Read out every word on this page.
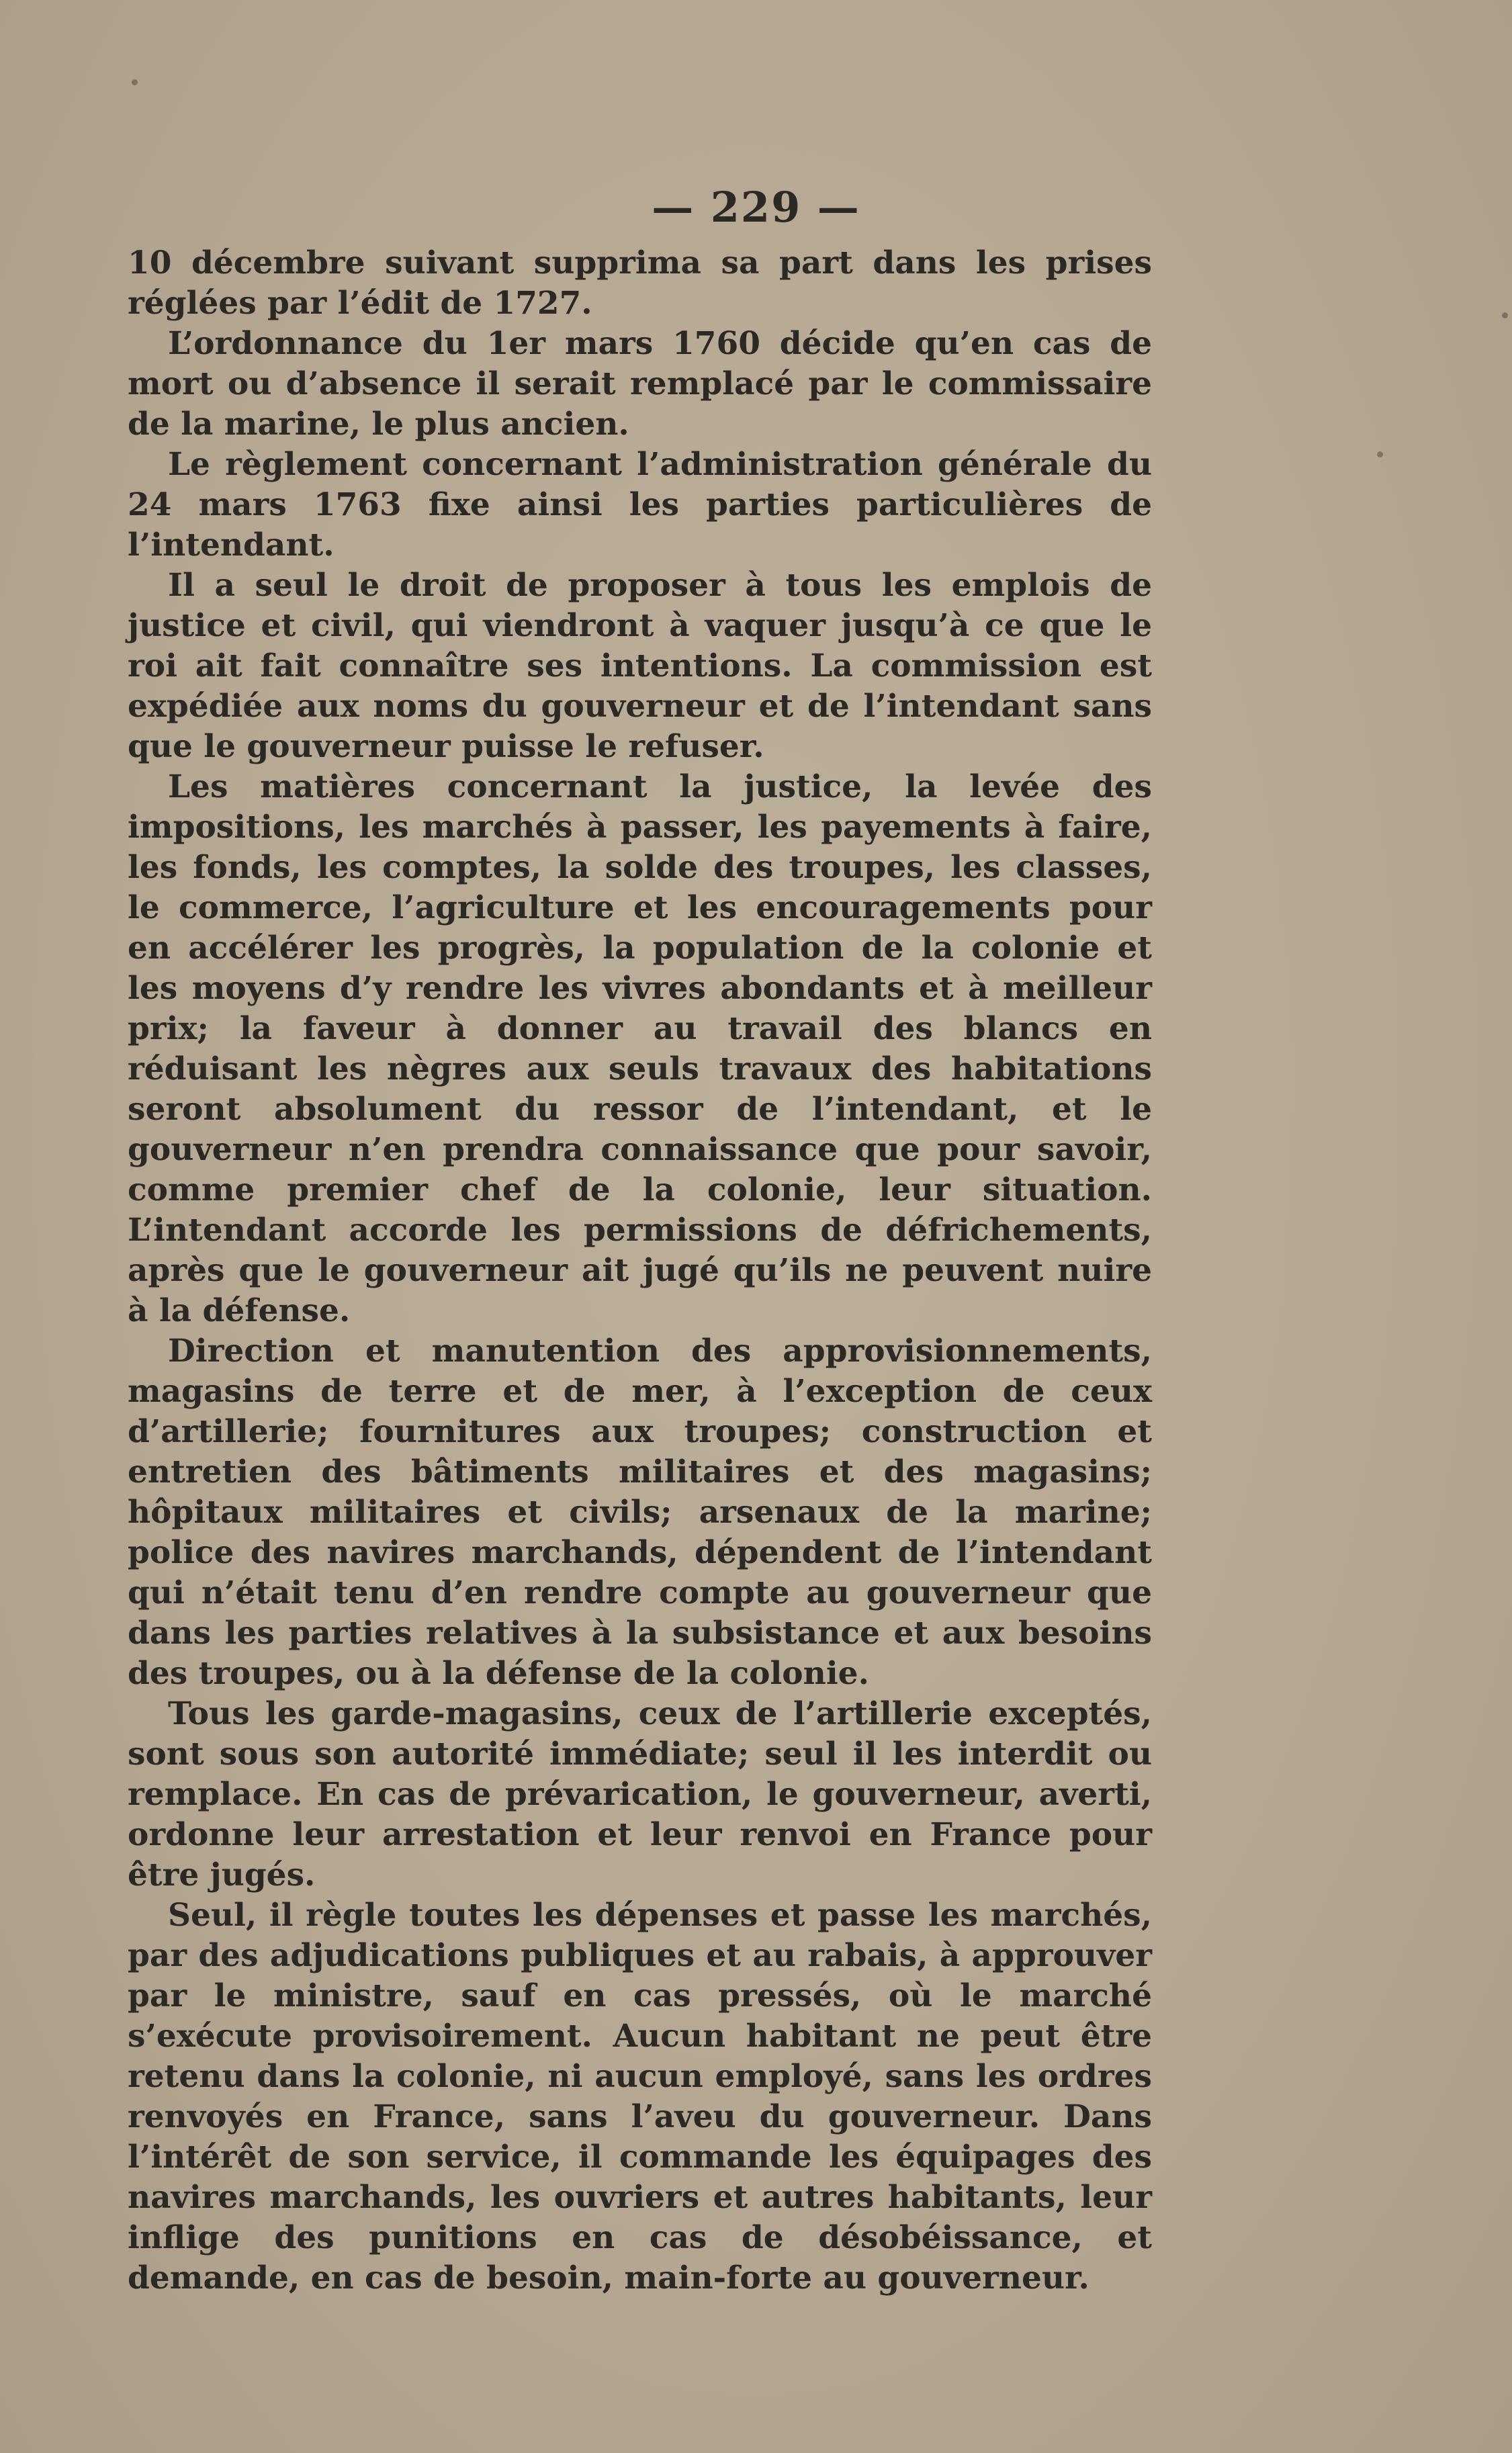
— 229 —

10 décembre suivant supprima sa part dans les prises réglées par l’édit de 1727.

L’ordonnance du 1er mars 1760 décide qu’en cas de mort ou d’absence il serait remplacé par le commissaire de la marine, le plus ancien.

Le règlement concernant l’administration générale du 24 mars 1763 fixe ainsi les parties particulières de l’intendant.

Il a seul le droit de proposer à tous les emplois de justice et civil, qui viendront à vaquer jusqu’à ce que le roi ait fait connaître ses intentions. La commission est expédiée aux noms du gouverneur et de l’intendant sans que le gouverneur puisse le refuser.

Les matières concernant la justice, la levée des impositions, les marchés à passer, les payements à faire, les fonds, les comptes, la solde des troupes, les classes, le commerce, l’agriculture et les encouragements pour en accélérer les progrès, la population de la colonie et les moyens d’y rendre les vivres abondants et à meilleur prix; la faveur à donner au travail des blancs en réduisant les nègres aux seuls travaux des habitations seront absolument du ressor de l’intendant, et le gouverneur n’en prendra connaissance que pour savoir, comme premier chef de la colonie, leur situation. L’intendant accorde les permissions de défrichements, après que le gouverneur ait jugé qu’ils ne peuvent nuire à la défense.

Direction et manutention des approvisionnements, magasins de terre et de mer, à l’exception de ceux d’artillerie; fournitures aux troupes; construction et entretien des bâtiments militaires et des magasins; hôpitaux militaires et civils; arsenaux de la marine; police des navires marchands, dépendent de l’intendant qui n’était tenu d’en rendre compte au gouverneur que dans les parties relatives à la subsistance et aux besoins des troupes, ou à la défense de la colonie.

Tous les garde-magasins, ceux de l’artillerie exceptés, sont sous son autorité immédiate; seul il les interdit ou remplace. En cas de prévarication, le gouverneur, averti, ordonne leur arrestation et leur renvoi en France pour être jugés.

Seul, il règle toutes les dépenses et passe les marchés, par des adjudications publiques et au rabais, à approuver par le ministre, sauf en cas pressés, où le marché s’exécute provisoirement. Aucun habitant ne peut être retenu dans la colonie, ni aucun employé, sans les ordres renvoyés en France, sans l’aveu du gouverneur. Dans l’intérêt de son service, il commande les équipages des navires marchands, les ouvriers et autres habitants, leur inflige des punitions en cas de désobéissance, et demande, en cas de besoin, main-forte au gouverneur.
